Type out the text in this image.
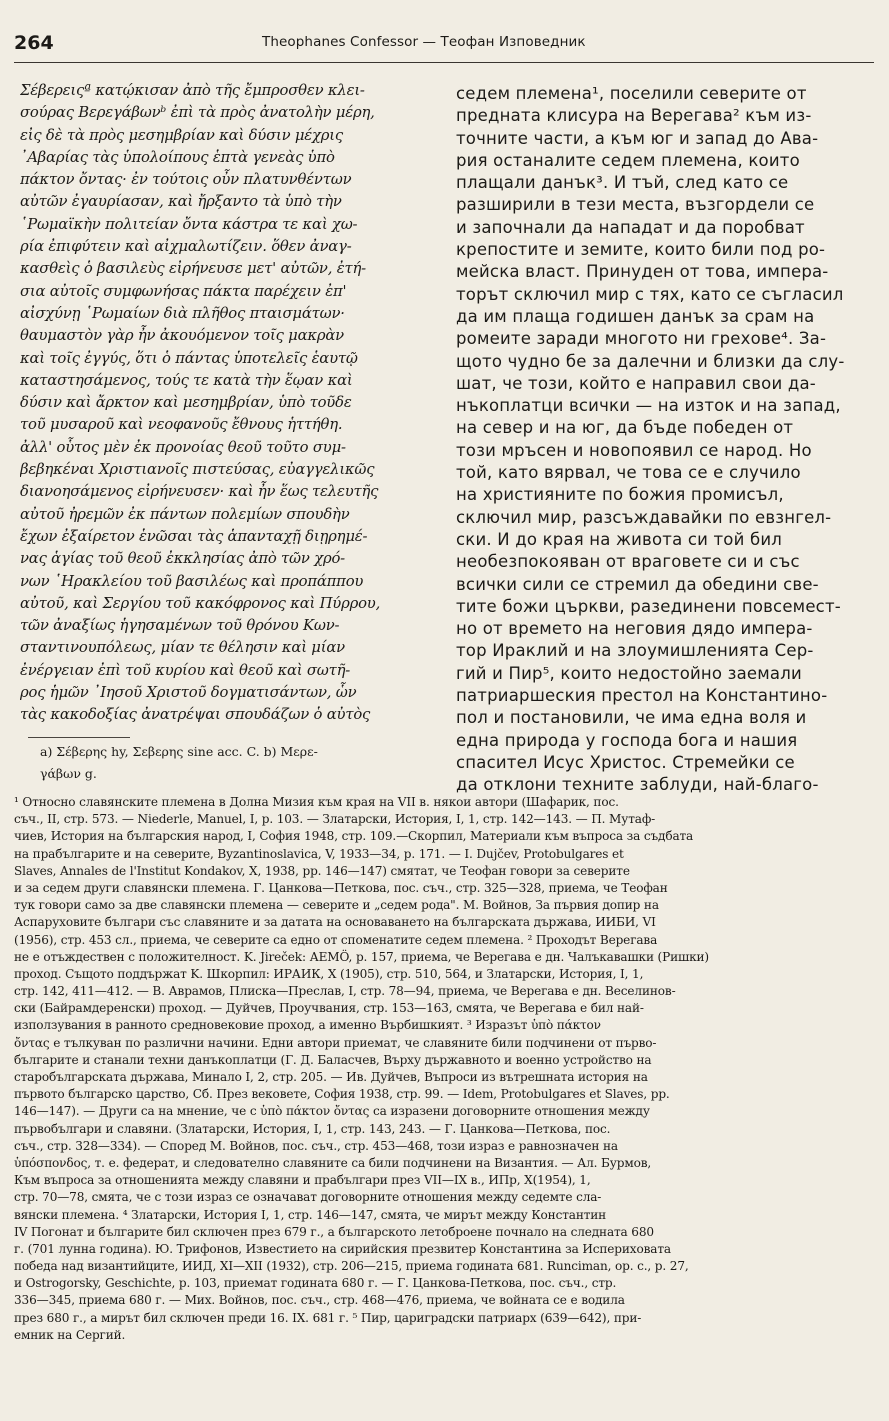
264	Theophanes Confessor — Теофан Изповедник
Σέβερειςª κατῴκισαν ἀπὸ τῆς ἔμπροσθεν κλει-
σούρας Βερεγάβωνᵇ ἐπὶ τὰ πρὸς ἀνατολὴν μέρη,
εἰς δὲ τὰ πρὸς μεσημβρίαν καὶ δύσιν μέχρις
᾿Αβαρίας τὰς ὑπολοίπους ἑπτὰ γενεὰς ὑπὸ
πάκτον ὄντας· ἐν τούτοις οὖν πλατυνθέντων
αὐτῶν ἐγαυρίασαν, καὶ ἤρξαντο τὰ ὑπὸ τὴν
῾Ρωμαϊκὴν πολιτείαν ὄντα κάστρα τε καὶ χω-
ρία ἐπιφύτειν καὶ αἰχμαλωτίζειν. ὅθεν ἀναγ-
κασθεὶς ὁ βασιλεὺς εἰρήνευσε μετ' αὐτῶν, ἐτή-
σια αὐτοῖς συμφωνήσας πάκτα παρέχειν ἐπ'
αἰσχύνῃ ῾Ρωμαίων διὰ πλῆθος πταισμάτων·
θαυμαστὸν γὰρ ἦν ἀκουόμενον τοῖς μακρὰν
καὶ τοῖς ἐγγύς, ὅτι ὁ πάντας ὑποτελεῖς ἑαυτῷ
καταστησάμενος, τούς τε κατὰ τὴν ἕῳαν καὶ
δύσιν καὶ ἄρκτον καὶ μεσημβρίαν, ὑπὸ τοῦδε
τοῦ μυσαροῦ καὶ νεοφανοῦς ἔθνους ἡττήθη.
ἀλλ' οὗτος μὲν ἐκ προνοίας θεοῦ τοῦτο συμ-
βεβηκέναι Χριστιανοῖς πιστεύσας, εὐαγγελικῶς
διανοησάμενος εἰρήνευσεν· καὶ ἦν ἕως τελευτῆς
αὐτοῦ ἠρεμῶν ἐκ πάντων πολεμίων σπουδὴν
ἔχων ἐξαίρετον ἑνῶσαι τὰς ἁπανταχῇ διῃρημέ-
νας ἁγίας τοῦ θεοῦ ἐκκλησίας ἀπὸ τῶν χρό-
νων ῾Ηρακλείου τοῦ βασιλέως καὶ προπάππου
αὐτοῦ, καὶ Σεργίου τοῦ κακόφρονος καὶ Πύρρου,
τῶν ἀναξίως ἡγησαμένων τοῦ θρόνου Κων-
σταντινουπόλεως, μίαν τε θέλησιν καὶ μίαν
ἐνέργειαν ἐπὶ τοῦ κυρίου καὶ θεοῦ καὶ σωτῆ-
ρος ἡμῶν ᾿Ιησοῦ Χριστοῦ δογματισάντων, ὧν
τὰς κακοδοξίας ἀνατρέψαι σπουδάζων ὁ αὐτὸς
седем племена¹, поселили северите от
предната клисура на Верегава² към из-
точните части, а към юг и запад до Ава-
рия останалите седем племена, които
плащали данък³. И тъй, след като се
разширили в тези места, възгордели се
и започнали да нападат и да поробват
крепостите и земите, които били под ро-
мейска власт. Принуден от това, импера-
торът сключил мир с тях, като се съгласил
да им плаща годишен данък за срам на
ромеите заради многото ни грехове⁴. За-
щото чудно бе за далечни и близки да слу-
шат, че този, който е направил свои да-
нъкоплатци всички — на изток и на запад,
на север и на юг, да бъде победен от
този мръсен и новопоявил се народ. Но
той, като вярвал, че това се е случило
на християните по божия промисъл,
сключил мир, разсъждавайки по евзнгел-
ски. И до края на живота си той бил
необезпокояван от враговете си и със
всички сили се стремил да обедини све-
тите божи църкви, разединени повсемест-
но от времето на неговия дядо импера-
тор Ираклий и на злоумишленията Сер-
гий и Пир⁵, които недостойно заемали
патриаршеския престол на Константино-
пол и постановили, че има една воля и
една природа у господа бога и нашия
спасител Исус Христос. Стремейки се
да отклони техните заблуди, най-благо-
a) Σέβερης hy, Σεβερης sine acc. C. b) Μερε-
γάβων g.
¹ Относно славянските племена в Долна Мизия към края на VII в. някои автори (Шафарик, пос.
съч., II, стр. 573. — Niederle, Manuel, I, p. 103. — Златарски, История, I, 1, стр. 142—143. — П. Мутаф-
чиев, История на българския народ, I, София 1948, стр. 109.—Скорпил, Материали към въпроса за съдбата
на прабългарите и на северите, Byzantinoslavica, V, 1933—34, p. 171. — I. Dujčev, Protobulgares et
Slaves, Annales de l'Institut Kondakov, X, 1938, pp. 146—147) смятат, че Теофан говори за северите
и за седем други славянски племена. Г. Цанкова—Петкова, пос. съч., стр. 325—328, приема, че Теофан
тук говори само за две славянски племена — северите и „седем рода". М. Войнов, За първия допир на
Аспаруховите българи със славяните и за датата на основаването на българската държава, ИИБИ, VI
(1956), стр. 453 сл., приема, че северите са едно от споменатите седем племена. ² Проходът Верегава
не е отъждествен с положителност. K. Jireček: АЕМÖ, p. 157, приема, че Верегава е дн. Чалъкавашки (Ришки)
проход. Същото поддържат K. Шкорпил: ИРАИК, X (1905), стр. 510, 564, и Златарски, История, I, 1,
стр. 142, 411—412. — В. Аврамов, Плиска—Преслав, I, стр. 78—94, приема, че Верегава е дн. Веселинов-
ски (Байрамдеренски) проход. — Дуйчев, Проучвания, стр. 153—163, смята, че Верегава е бил най-
използувания в ранното средновековие проход, а именно Върбишкият. ³ Изразът ὑπὸ πάκτον
ὄντας е тълкуван по различни начини. Едни автори приемат, че славяните били подчинени от първо-
българите и станали техни данъкоплатци (Г. Д. Баласчев, Върху държавното и военно устройство на
старобългарската държава, Минало I, 2, стр. 205. — Ив. Дуйчев, Въпроси из вътрешната история на
първото българско царство, Сб. През вековете, София 1938, стр. 99. — Idem, Protobulgares et Slaves, pp.
146—147). — Други са на мнение, че с ὑπὸ πάκτον ὄντας са изразени договорните отношения между
първобългари и славяни. (Златарски, История, I, 1, стр. 143, 243. — Г. Цанкова—Петкова, пос.
съч., стр. 328—334). — Според М. Войнов, пос. съч., стр. 453—468, този израз е равнозначен на
ὑπόσπονδος, т. е. федерат, и следователно славяните са били подчинени на Византия. — Ал. Бурмов,
Към въпроса за отношенията между славяни и прабългари през VII—IX в., ИПр, X(1954), 1,
стр. 70—78, смята, че с този израз се означават договорните отношения между седемте сла-
вянски племена. ⁴ Златарски, История I, 1, стр. 146—147, смята, че мирът между Константин
IV Погонат и българите бил сключен през 679 г., а българското летоброене почнало на следната 680
г. (701 лунна година). Ю. Трифонов, Известието на сирийския презвитер Константина за Испериховата
победа над византийците, ИИД, XI—XII (1932), стр. 206—215, приема годината 681. Runciman, op. c., p. 27,
и Ostrogorsky, Geschichte, p. 103, приемат годината 680 г. — Г. Цанкова-Петкова, пос. съч., стр.
336—345, приема 680 г. — Мих. Войнов, пос. съч., стр. 468—476, приема, че войната се е водила
през 680 г., а мирът бил сключен преди 16. IX. 681 г. ⁵ Пир, цариградски патриарх (639—642), при-
емник на Сергий.
